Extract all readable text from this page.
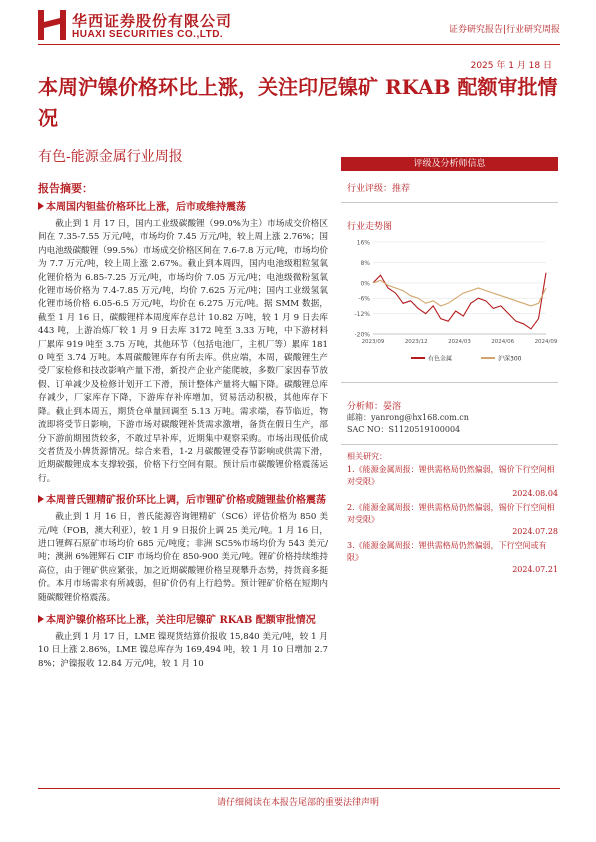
华西证券股份有限公司
HUAXI SECURITIES CO.,LTD.	证券研究报告|行业研究周报
2025 年 1 月 18 日
本周沪镍价格环比上涨，关注印尼镍矿 RKAB 配额审批情况
有色-能源金属行业周报
报告摘要：
本周国内钽盐价格环比上涨，后市或维持震荡

截止到 1 月 17 日，国内工业级碳酸锂（99.0%为主）市场成交价格区间在 7.35-7.55 万元/吨，市场均价 7.45 万元/吨，较上周上涨 2.76%；国内电池级碳酸锂（99.5%）市场成交价格区间在 7.6-7.8 万元/吨，市场均价为 7.7 万元/吨，较上周上涨 2.67%。截止到本周四，国内电池级粗粒氢氧化锂价格为 6.85-7.25 万元/吨，市场均价 7.05 万元/吨；电池级微粉氢氧化锂市场价格为 7.4-7.85 万元/吨，均价 7.625 万元/吨；国内工业级氢氧化锂市场价格 6.05-6.5 万元/吨，均价在 6.275 万元/吨。据 SMM 数据，截至 1 月 16 日，碳酸锂样本周度库存总计 10.82 万吨，较 1 月 9 日去库 443 吨，上游冶炼厂较 1 月 9 日去库 3172 吨至 3.33 万吨，中下游材料厂累库 919 吨至 3.75 万吨，其他环节（包括电池厂，主机厂等）累库 1810 吨至 3.74 万吨。本周碳酸锂库存有所去库。供应端，本周，碳酸锂生产受厂家检修和技改影响产量下滑，新投产企业产能爬坡，多数厂家因春节放假、订单减少及检修计划开工下滑，预计整体产量将大幅下降。碳酸锂总库存减少，厂家库存下降，下游库存补库增加，贸易活动积极，其他库存下降。截止到本周五，期货仓单量回调至 5.13 万吨。需求端，春节临近，物流即将受节日影响，下游市场对碳酸锂补货需求激增，备货在假日生产，部分下游前期囤货较多，不敢过早补库，近期集中观察采购。市场出现低价成交者货及小牌货源情况。综合来看，1-2 月碳酸锂受春节影响或供需下滑，近期碳酸锂成本支撑较强，价格下行空间有限。预计后市碳酸锂价格震荡运行。

本周普氏锂精矿报价环比上调，后市锂矿价格或随锂盐价格震荡

截止到 1 月 16 日，普氏能源咨询锂精矿（SC6）评估价格为 850 美元/吨（FOB，澳大利亚），较 1 月 9 日报价上调 25 美元/吨。1 月 16 日，进口锂辉石原矿市场均价 685 元/吨度；非洲 SC5%市场均价为 543 美元/吨；澳洲 6%锂辉石 CIF 市场均价在 850-900 美元/吨。锂矿价格持续维持高位，由于锂矿供应紧张，加之近期碳酸锂价格呈现攀升态势，持货商多挺价。本月市场需求有所减弱，但矿价仍有上行趋势。预计锂矿价格在短期内随碳酸锂价格震荡。

本周沪镍价格环比上涨，关注印尼镍矿 RKAB 配额审批情况

截止到 1 月 17 日，LME 镍现货结算价报收 15,840 美元/吨，较 1 月 10 日上涨 2.86%，LME 镍总库存为 169,494 吨，较 1 月 10 日增加 2.78%；沪镍报收 12.84 万元/吨，较 1 月 10

评级及分析师信息
行业评级：推荐
行业走势图
16%
8%
0%
-6%
-12%
-20%
2023/09	2023/12	2024/03	2024/06	2024/09
有色金属	沪深300
分析师：晏溶
邮箱：yanrong@hx168.com.cn
SAC NO：S1120519100004
相关研究：
1.《能源金属周报：锂供需格局仍然偏弱，锡价下行空间相对受限》
2024.08.04
2.《能源金属周报：锂供需格局仍然偏弱，锡价下行空间相对受限》
2024.07.28
3.《能源金属周报：锂供需格局仍然偏弱，下行空间或有限》
2024.07.21
请仔细阅读在本报告尾部的重要法律声明
